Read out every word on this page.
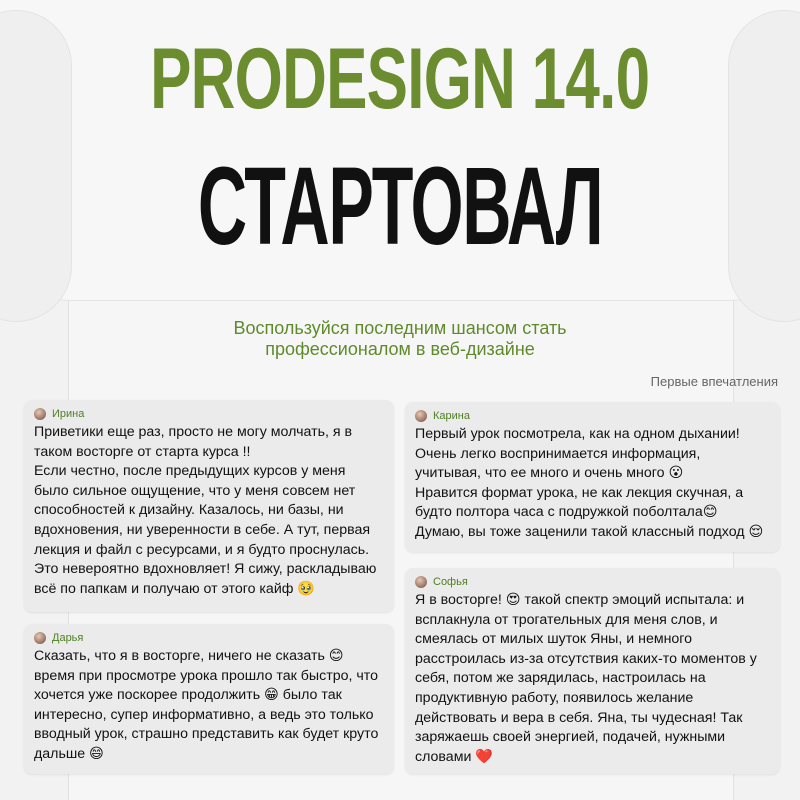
PRODESIGN 14.0
СТАРТОВАЛ
Воспользуйся последним шансом стать
профессионалом в веб-дизайне
Первые впечатления
Ирина
Приветики еще раз, просто не могу молчать, я в таком восторге от старта курса !!
Если честно, после предыдущих курсов у меня было сильное ощущение, что у меня совсем нет способностей к дизайну. Казалось, ни базы, ни вдохновения, ни уверенности в себе. А тут, первая лекция и файл с ресурсами, и я будто проснулась. Это невероятно вдохновляет! Я сижу, раскладываю всё по папкам и получаю от этого кайф 🥹
Дарья
Сказать, что я в восторге, ничего не сказать 😊 время при просмотре урока прошло так быстро, что хочется уже поскорее продолжить 😁 было так интересно, супер информативно, а ведь это только вводный урок, страшно представить как будет круто дальше 😄
Карина
Первый урок посмотрела, как на одном дыхании! Очень легко воспринимается информация, учитывая, что ее много и очень много 😮
Нравится формат урока, не как лекция скучная, а будто полтора часа с подружкой поболтала😊
Думаю, вы тоже заценили такой классный подход 😌
Софья
Я в восторге! 😍 такой спектр эмоций испытала: и всплакнула от трогательных для меня слов, и смеялась от милых шуток Яны, и немного расстроилась из-за отсутствия каких-то моментов у себя, потом же зарядилась, настроилась на продуктивную работу, появилось желание действовать и вера в себя. Яна, ты чудесная! Так заряжаешь своей энергией, подачей, нужными словами ❤️
